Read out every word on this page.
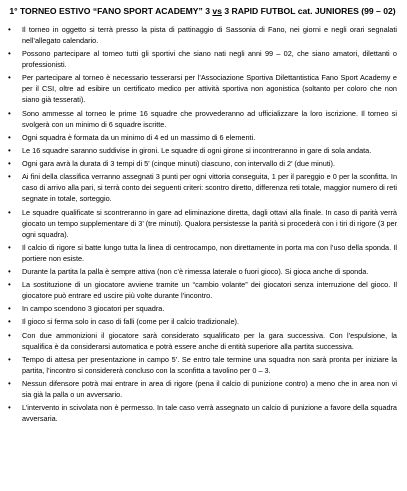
1° TORNEO ESTIVO “FANO SPORT ACADEMY” 3 vs 3 RAPID FUTBOL cat. JUNIORES (99 – 02)
• Il torneo in oggetto si terrà presso la pista di pattinaggio di Sassonia di Fano, nei giorni e negli orari segnalati nell’allegato calendario.
• Possono partecipare al torneo tutti gli sportivi che siano nati negli anni 99 – 02, che siano amatori, dilettanti o professionisti.
• Per partecipare al torneo è necessario tesserarsi per l’Associazione Sportiva Dilettantistica Fano Sport Academy e per il CSI, oltre ad esibire un certificato medico per attività sportiva non agonistica (soltanto per coloro che non siano già tesserati).
• Sono ammesse al torneo le prime 16 squadre che provvederanno ad ufficializzare la loro iscrizione. Il torneo si svolgerà con un minimo di 6 squadre iscritte.
• Ogni squadra è formata da un minimo di 4 ed un massimo di 6 elementi.
• Le 16 squadre saranno suddivise in gironi. Le squadre di ogni girone si incontreranno in gare di sola andata.
• Ogni gara avrà la durata di 3 tempi di 5’ (cinque minuti) ciascuno, con intervallo di 2’ (due minuti).
• Ai fini della classifica verranno assegnati 3 punti per ogni vittoria conseguita, 1 per il pareggio e 0 per la sconfitta. In caso di arrivo alla pari, si terrà conto dei seguenti criteri: scontro diretto, differenza reti totale, maggior numero di reti segnate in totale, sorteggio.
• Le squadre qualificate si scontreranno in gare ad eliminazione diretta, dagli ottavi alla finale. In caso di parità verrà giocato un tempo supplementare di 3’ (tre minuti). Qualora persistesse la parità si procederà con i tiri di rigore (3 per ogni squadra).
• Il calcio di rigore si batte lungo tutta la linea di centrocampo, non direttamente in porta ma con l’uso della sponda. Il portiere non esiste.
• Durante la partita la palla è sempre attiva (non c’è rimessa laterale o fuori gioco). Si gioca anche di sponda.
• La sostituzione di un giocatore avviene tramite un “cambio volante” dei giocatori senza interruzione del gioco. Il giocatore può entrare ed uscire più volte durante l’incontro.
• In campo scendono 3 giocatori per squadra.
• Il gioco si ferma solo in caso di falli (come per il calcio tradizionale).
• Con due ammonizioni il giocatore sarà considerato squalificato per la gara successiva. Con l’espulsione, la squalifica è da considerarsi automatica e potrà essere anche di entità superiore alla partita successiva.
• Tempo di attesa per presentazione in campo 5’. Se entro tale termine una squadra non sarà pronta per iniziare la partita, l’incontro si considererà concluso con la sconfitta a tavolino per 0 – 3.
• Nessun difensore potrà mai entrare in area di rigore (pena il calcio di punizione contro) a meno che in area non vi sia già la palla o un avversario.
• L’intervento in scivolata non è permesso. In tale caso verrà assegnato un calcio di punizione a favore della squadra avversaria.
